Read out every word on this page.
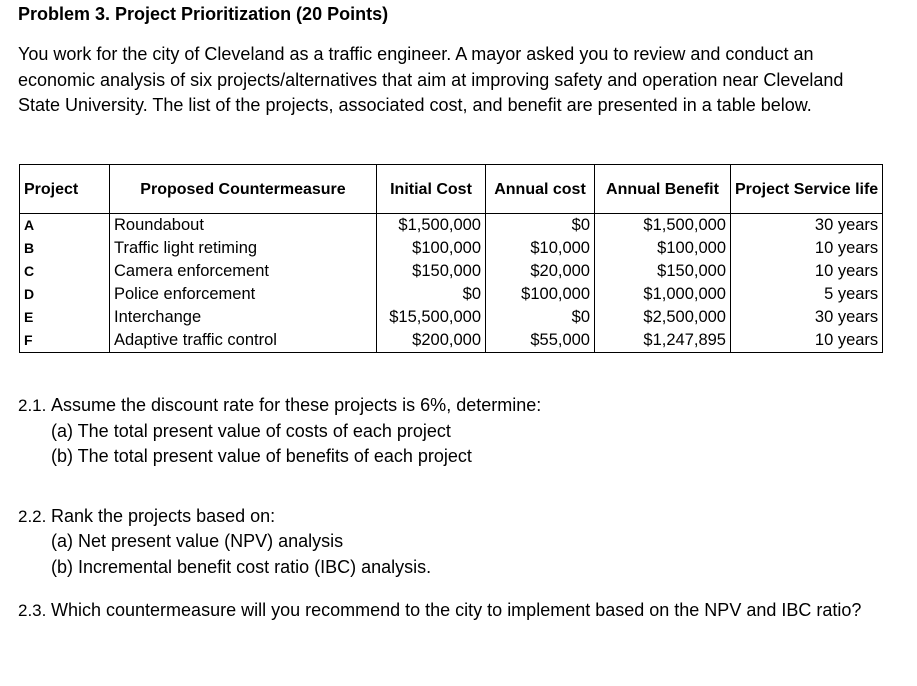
Problem 3. Project Prioritization (20 Points)
You work for the city of Cleveland as a traffic engineer. A mayor asked you to review and conduct an economic analysis of six projects/alternatives that aim at improving safety and operation near Cleveland State University. The list of the projects, associated cost, and benefit are presented in a table below.
Project	Proposed Countermeasure	Initial Cost	Annual cost	Annual Benefit	Project Service life
A	Roundabout	$1,500,000	$0	$1,500,000	30 years
B	Traffic light retiming	$100,000	$10,000	$100,000	10 years
C	Camera enforcement	$150,000	$20,000	$150,000	10 years
D	Police enforcement	$0	$100,000	$1,000,000	5 years
E	Interchange	$15,500,000	$0	$2,500,000	30 years
F	Adaptive traffic control	$200,000	$55,000	$1,247,895	10 years
2.1. Assume the discount rate for these projects is 6%, determine:
(a) The total present value of costs of each project
(b) The total present value of benefits of each project
2.2. Rank the projects based on:
(a) Net present value (NPV) analysis
(b) Incremental benefit cost ratio (IBC) analysis.
2.3. Which countermeasure will you recommend to the city to implement based on the NPV and IBC ratio?
